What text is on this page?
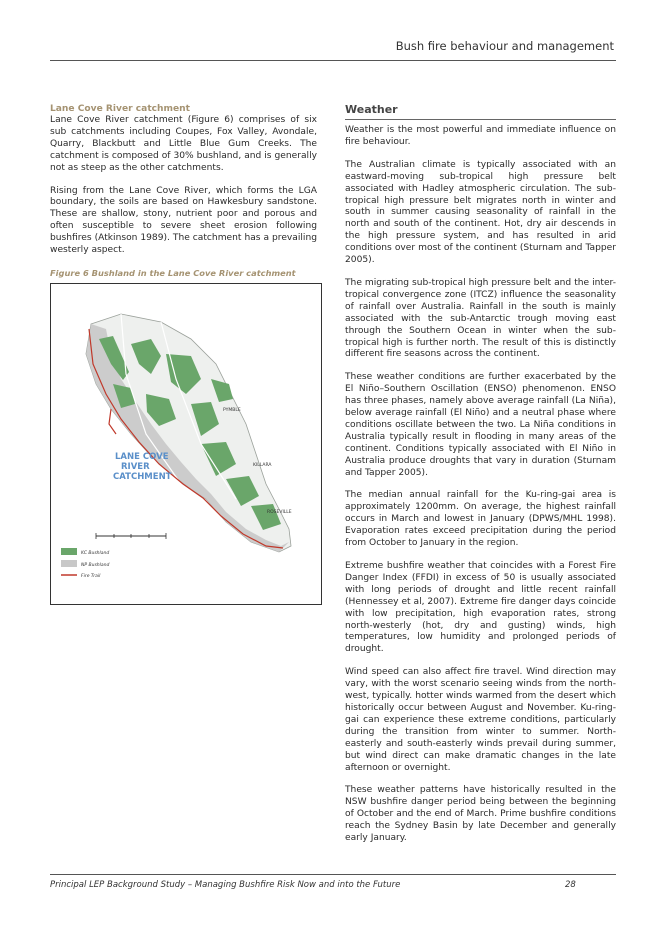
Bush fire behaviour and management

Lane Cove River catchment

Lane Cove River catchment (Figure 6) comprises of six sub catchments including Coupes, Fox Valley, Avondale, Quarry, Blackbutt and Little Blue Gum Creeks. The catchment is composed of 30% bushland, and is generally not as steep as the other catchments.

Rising from the Lane Cove River, which forms the LGA boundary, the soils are based on Hawkesbury sandstone. These are shallow, stony, nutrient poor and porous and often susceptible to severe sheet erosion following bushfires (Atkinson 1989). The catchment has a prevailing westerly aspect.

Figure 6 Bushland in the Lane Cove River catchment

LANE COVE
RIVER
CATCHMENT
PYMBLE
KILLARA
ROSEVILLE
KC Bushland
NP Bushland
Fire Trail

Weather

Weather is the most powerful and immediate influence on fire behaviour.

The Australian climate is typically associated with an eastward-moving sub-tropical high pressure belt associated with Hadley atmospheric circulation. The sub-tropical high pressure belt migrates north in winter and south in summer causing seasonality of rainfall in the north and south of the continent. Hot, dry air descends in the high pressure system, and has resulted in arid conditions over most of the continent (Sturnam and Tapper 2005).

The migrating sub-tropical high pressure belt and the inter-tropical convergence zone (ITCZ) influence the seasonality of rainfall over Australia. Rainfall in the south is mainly associated with the sub-Antarctic trough moving east through the Southern Ocean in winter when the sub-tropical high is further north. The result of this is distinctly different fire seasons across the continent.

These weather conditions are further exacerbated by the El Niño–Southern Oscillation (ENSO) phenomenon. ENSO has three phases, namely above average rainfall (La Niña), below average rainfall (El Niño) and a neutral phase where conditions oscillate between the two. La Niña conditions in Australia typically result in flooding in many areas of the continent. Conditions typically associated with El Niño in Australia produce droughts that vary in duration (Sturnam and Tapper 2005).

The median annual rainfall for the Ku-ring-gai area is approximately 1200mm. On average, the highest rainfall occurs in March and lowest in January (DPWS/MHL 1998). Evaporation rates exceed precipitation during the period from October to January in the region.

Extreme bushfire weather that coincides with a Forest Fire Danger Index (FFDI) in excess of 50 is usually associated with long periods of drought and little recent rainfall (Hennessey et al, 2007). Extreme fire danger days coincide with low precipitation, high evaporation rates, strong north-westerly (hot, dry and gusting) winds, high temperatures, low humidity and prolonged periods of drought.

Wind speed can also affect fire travel. Wind direction may vary, with the worst scenario seeing winds from the north-west, typically. hotter winds warmed from the desert which historically occur between August and November. Ku-ring-gai can experience these extreme conditions, particularly during the transition from winter to summer. North-easterly and south-easterly winds prevail during summer, but wind direct can make dramatic changes in the late afternoon or overnight.

These weather patterns have historically resulted in the NSW bushfire danger period being between the beginning of October and the end of March. Prime bushfire conditions reach the Sydney Basin by late December and generally early January.

Principal LEP Background Study – Managing Bushfire Risk Now and into the Future	28
